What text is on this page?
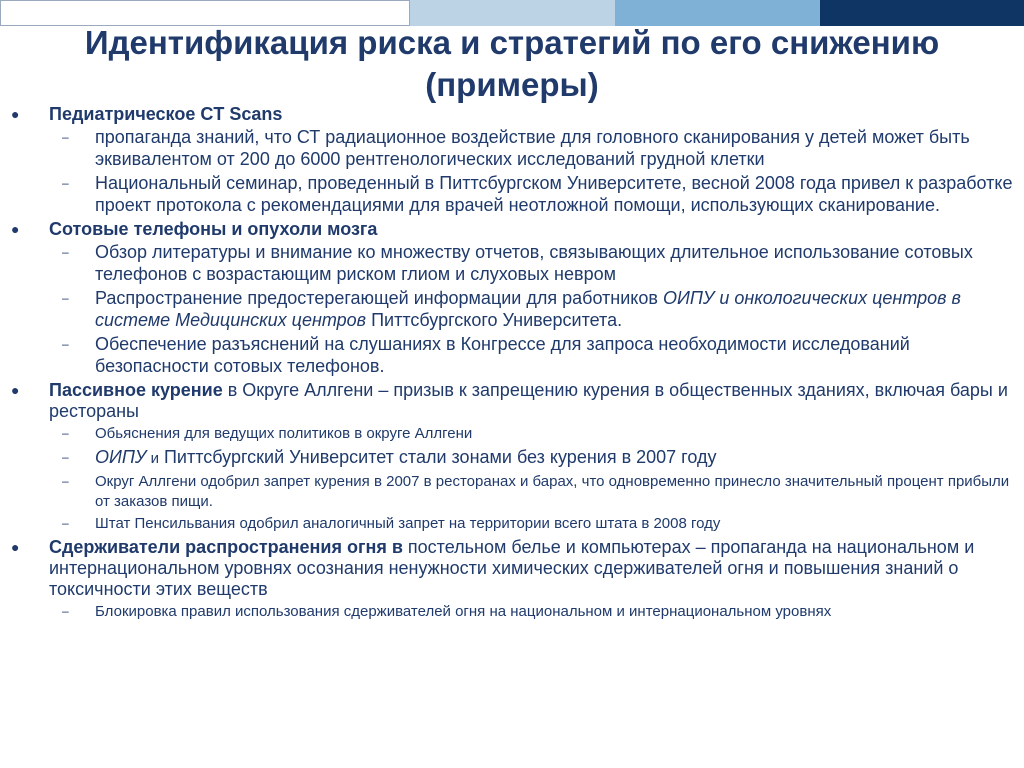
Идентификация риска и стратегий по его снижению (примеры)
● Педиатрическое CT Scans
– пропаганда знаний, что СТ радиационное воздействие для головного сканирования у детей может быть эквивалентом от 200 до 6000 рентгенологических исследований грудной клетки
– Национальный семинар, проведенный в Питтсбургском Университете, весной 2008 года привел к разработке проект протокола с рекомендациями для врачей неотложной помощи, использующих сканирование.
● Сотовые телефоны и опухоли мозга
– Обзор литературы и внимание ко множеству отчетов, связывающих длительное использование сотовых телефонов с возрастающим риском глиом и слуховых невром
– Распространение предостерегающей информации для работников ОИПУ и онкологических центров в системе Медицинских центров Питтсбургского Университета.
– Обеспечение разъяснений на слушаниях в Конгрессе для запроса необходимости исследований безопасности сотовых телефонов.
● Пассивное курение в Округе Аллгени – призыв к запрещению курения в общественных зданиях, включая бары и рестораны
– Обьяснения для ведущих политиков в округе Аллгени
– ОИПУ и Питтсбургский Университет стали зонами без курения в 2007 году
– Округ Аллгени одобрил запрет курения в 2007 в ресторанах и барах, что одновременно принесло значительный процент прибыли от заказов пищи.
– Штат Пенсильвания одобрил аналогичный запрет на территории всего штата в 2008 году
● Сдерживатели распространения огня в постельном белье и компьютерах – пропаганда на национальном и интернациональном уровнях осознания ненужности химических сдерживателей огня и повышения знаний о токсичности этих веществ
– Блокировка правил использования сдерживателей огня на национальном и интернациональном уровнях
